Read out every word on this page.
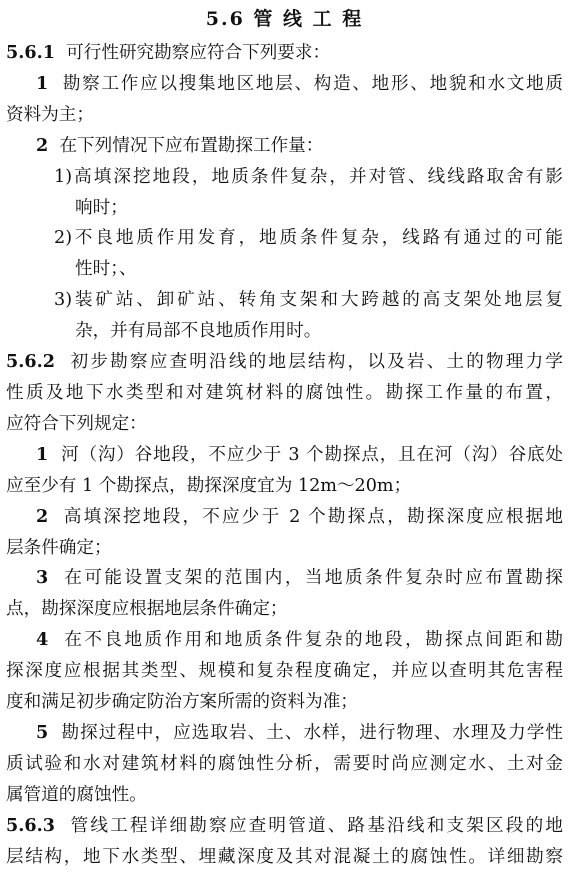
5.6 管 线 工 程
5.6.1 可行性研究勘察应符合下列要求：
1 勘察工作应以搜集地区地层、构造、地形、地貌和水文地质
资料为主；
2 在下列情况下应布置勘探工作量：
1)高填深挖地段，地质条件复杂，并对管、线线路取舍有影
响时；
2)不良地质作用发育，地质条件复杂，线路有通过的可能
性时；、
3)装矿站、卸矿站、转角支架和大跨越的高支架处地层复
杂，并有局部不良地质作用时。
5.6.2 初步勘察应查明沿线的地层结构，以及岩、土的物理力学
性质及地下水类型和对建筑材料的腐蚀性。勘探工作量的布置，
应符合下列规定：
1 河（沟）谷地段，不应少于 3 个勘探点，且在河（沟）谷底处
应至少有 1 个勘探点，勘探深度宜为 12m～20m；
2 高填深挖地段，不应少于 2 个勘探点，勘探深度应根据地
层条件确定；
3 在可能设置支架的范围内，当地质条件复杂时应布置勘探
点，勘探深度应根据地层条件确定；
4 在不良地质作用和地质条件复杂的地段，勘探点间距和勘
探深度应根据其类型、规模和复杂程度确定，并应以查明其危害程
度和满足初步确定防治方案所需的资料为准；
5 勘探过程中，应选取岩、土、水样，进行物理、水理及力学性
质试验和水对建筑材料的腐蚀性分析，需要时尚应测定水、土对金
属管道的腐蚀性。
5.6.3 管线工程详细勘察应查明管道、路基沿线和支架区段的地
层结构，地下水类型、埋藏深度及其对混凝土的腐蚀性。详细勘察
